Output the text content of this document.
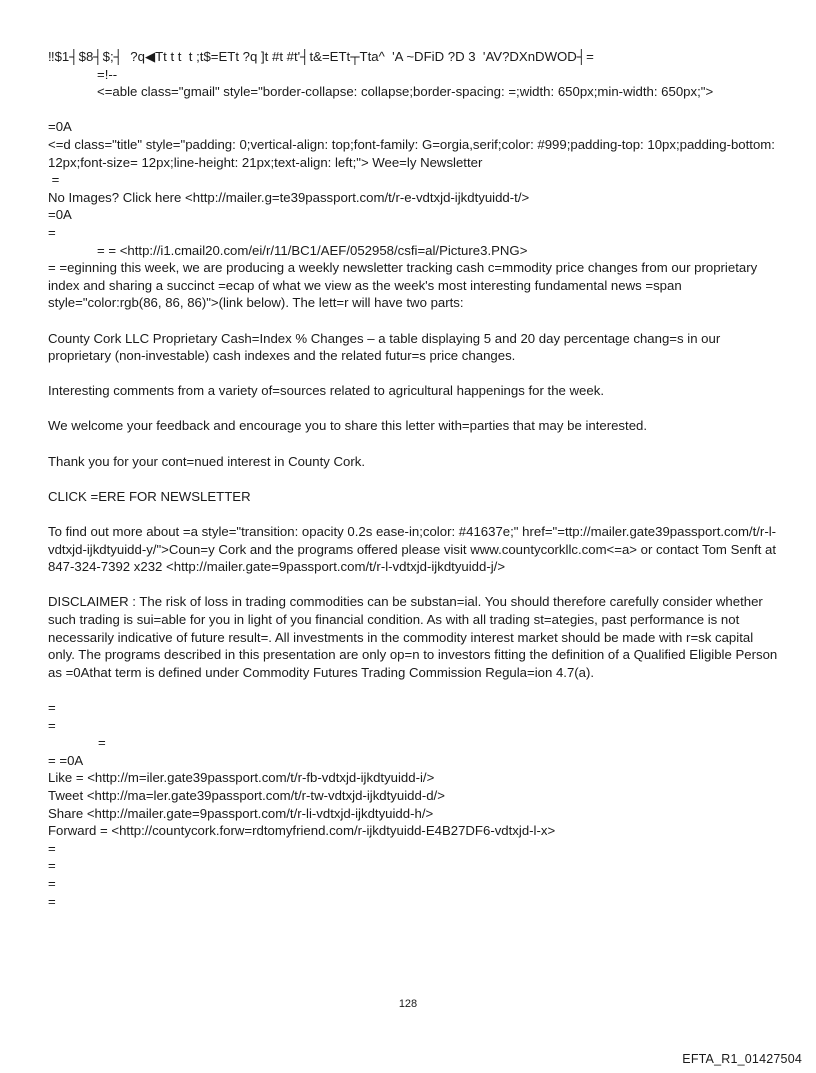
‼$1┤$8┤$;┤  ?q◀Tt t t  t ;t$=ETt ?q ]t #t #t'┤t&=ETt┬Tta^  'A ~DFiD ?D 3  'AV?DXnDWOD┤=

=!--

<=able class="gmail" style="border-collapse: collapse;border-spacing: =;width: 650px;min-width: 650px;">

=0A

<=d class="title" style="padding: 0;vertical-align: top;font-family: G=orgia,serif;color: #999;padding-top: 10px;padding-bottom: 12px;font-size= 12px;line-height: 21px;text-align: left;"> Wee=ly Newsletter

=

No Images? Click here <http://mailer.g=te39passport.com/t/r-e-vdtxjd-ijkdtyuidd-t/>

=0A

=

= = <http://i1.cmail20.com/ei/r/11/BC1/AEF/052958/csfi=al/Picture3.PNG>

= =eginning this week, we are producing a weekly newsletter tracking cash c=mmodity price changes from our proprietary index and sharing a succinct =ecap of what we view as the week's most interesting fundamental news =span style="color:rgb(86, 86, 86)">(link below). The lett=r will have two parts:

County Cork LLC Proprietary Cash=Index % Changes – a table displaying 5 and 20 day percentage chang=s in our proprietary (non-investable) cash indexes and the related futur=s price changes.

Interesting comments from a variety of=sources related to agricultural happenings for the week.

We welcome your feedback and encourage you to share this letter with=parties that may be interested.

Thank you for your cont=nued interest in County Cork.

CLICK =ERE FOR NEWSLETTER

To find out more about =a style="transition: opacity 0.2s ease-in;color: #41637e;" href="=ttp://mailer.gate39passport.com/t/r-l-vdtxjd-ijkdtyuidd-y/">Coun=y Cork and the programs offered please visit www.countycorkllc.com<=a> or contact Tom Senft at 847-324-7392 x232 <http://mailer.gate=9passport.com/t/r-l-vdtxjd-ijkdtyuidd-j/>

DISCLAIMER : The risk of loss in trading commodities can be substan=ial. You should therefore carefully consider whether such trading is sui=able for you in light of you financial condition. As with all trading st=ategies, past performance is not necessarily indicative of future result=. All investments in the commodity interest market should be made with r=sk capital only. The programs described in this presentation are only op=n to investors fitting the definition of a Qualified Eligible Person as =0Athat term is defined under Commodity Futures Trading Commission Regula=ion 4.7(a).

=

=

=

= =0A

Like = <http://m=iler.gate39passport.com/t/r-fb-vdtxjd-ijkdtyuidd-i/>

Tweet <http://ma=ler.gate39passport.com/t/r-tw-vdtxjd-ijkdtyuidd-d/>

Share <http://mailer.gate=9passport.com/t/r-li-vdtxjd-ijkdtyuidd-h/>

Forward = <http://countycork.forw=rdtomyfriend.com/r-ijkdtyuidd-E4B27DF6-vdtxjd-l-x>

=

=

=

=

128
EFTA_R1_01427504
